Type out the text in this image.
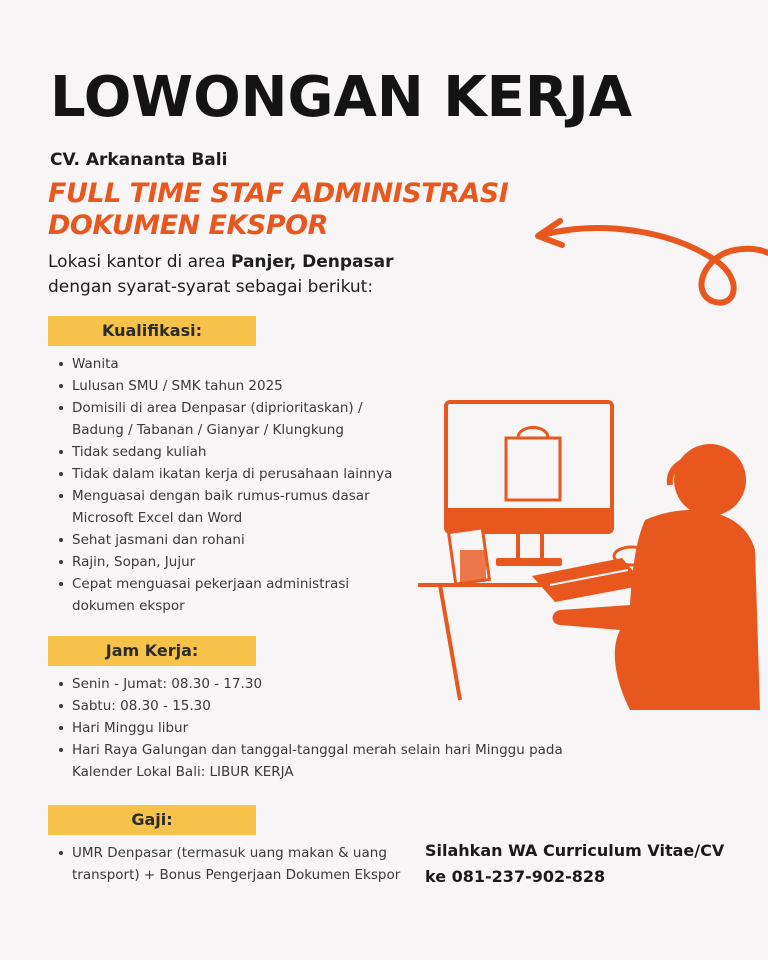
LOWONGAN KERJA
CV. Arkananta Bali
FULL TIME STAF ADMINISTRASI
DOKUMEN EKSPOR
Lokasi kantor di area Panjer, Denpasar
dengan syarat-syarat sebagai berikut:
Kualifikasi:
Wanita
Lulusan SMU / SMK tahun 2025
Domisili di area Denpasar (diprioritaskan) / Badung / Tabanan / Gianyar / Klungkung
Tidak sedang kuliah
Tidak dalam ikatan kerja di perusahaan lainnya
Menguasai dengan baik rumus-rumus dasar Microsoft Excel dan Word
Sehat jasmani dan rohani
Rajin, Sopan, Jujur
Cepat menguasai pekerjaan administrasi dokumen ekspor
Jam Kerja:
Senin - Jumat: 08.30 - 17.30
Sabtu: 08.30 - 15.30
Hari Minggu libur
Hari Raya Galungan dan tanggal-tanggal merah selain hari Minggu pada Kalender Lokal Bali: LIBUR KERJA
Gaji:
UMR Denpasar (termasuk uang makan & uang transport) + Bonus Pengerjaan Dokumen Ekspor
Silahkan WA Curriculum Vitae/CV
ke 081-237-902-828
